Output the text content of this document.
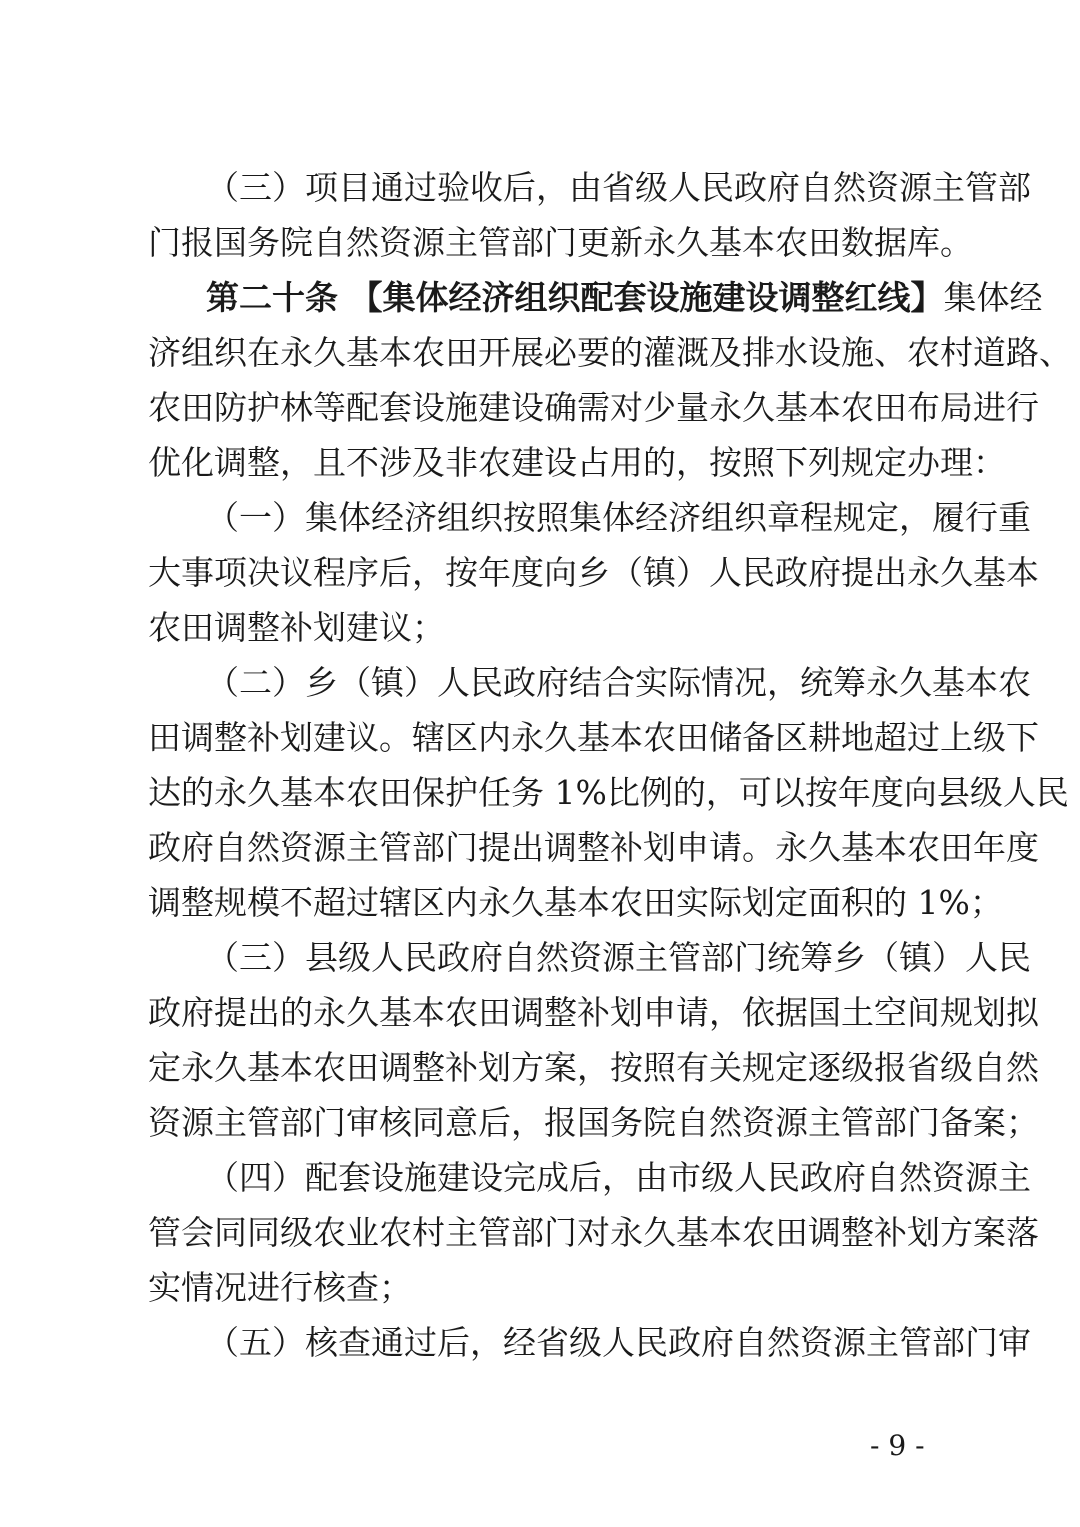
（三）项目通过验收后，由省级人民政府自然资源主管部
门报国务院自然资源主管部门更新永久基本农田数据库。
第二十条 【集体经济组织配套设施建设调整红线】集体经
济组织在永久基本农田开展必要的灌溉及排水设施、农村道路、
农田防护林等配套设施建设确需对少量永久基本农田布局进行
优化调整，且不涉及非农建设占用的，按照下列规定办理：
（一）集体经济组织按照集体经济组织章程规定，履行重
大事项决议程序后，按年度向乡（镇）人民政府提出永久基本
农田调整补划建议；
（二）乡（镇）人民政府结合实际情况，统筹永久基本农
田调整补划建议。辖区内永久基本农田储备区耕地超过上级下
达的永久基本农田保护任务 1%比例的，可以按年度向县级人民
政府自然资源主管部门提出调整补划申请。永久基本农田年度
调整规模不超过辖区内永久基本农田实际划定面积的 1%；
（三）县级人民政府自然资源主管部门统筹乡（镇）人民
政府提出的永久基本农田调整补划申请，依据国土空间规划拟
定永久基本农田调整补划方案，按照有关规定逐级报省级自然
资源主管部门审核同意后，报国务院自然资源主管部门备案；
（四）配套设施建设完成后，由市级人民政府自然资源主
管会同同级农业农村主管部门对永久基本农田调整补划方案落
实情况进行核查；
（五）核查通过后，经省级人民政府自然资源主管部门审
- 9 -
